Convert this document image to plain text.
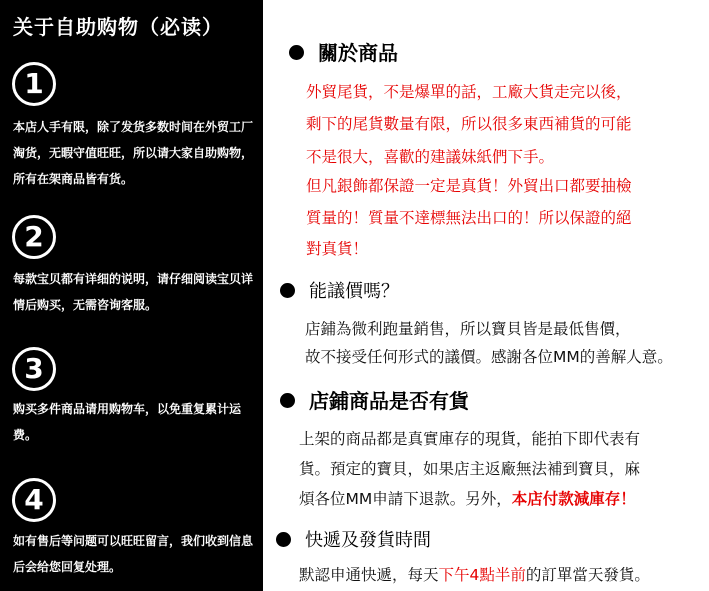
关于自助购物（必读）
1
本店人手有限，除了发货多数时间在外贸工厂淘货，无暇守值旺旺，所以请大家自助购物，所有在架商品皆有货。
2
每款宝贝都有详细的说明，请仔细阅读宝贝详情后购买，无需咨询客服。
3
购买多件商品请用购物车，以免重复累计运费。
4
如有售后等问题可以旺旺留言，我们收到信息后会给您回复处理。
關於商品
外貿尾貨，不是爆單的話，工廠大貨走完以後，
剩下的尾貨數量有限，所以很多東西補貨的可能
不是很大，喜歡的建議妹紙們下手。
但凡銀飾都保證一定是真貨！外貿出口都要抽檢
質量的！質量不達標無法出口的！所以保證的絕
對真貨！
能議價嗎？
店鋪為微利跑量銷售，所以寶貝皆是最低售價，
故不接受任何形式的議價。感謝各位MM的善解人意。
店鋪商品是否有貨
上架的商品都是真實庫存的現貨，能拍下即代表有
貨。預定的寶貝，如果店主返廠無法補到寶貝，麻
煩各位MM申請下退款。另外，本店付款減庫存！
快遞及發貨時間
默認申通快遞，每天下午4點半前的訂單當天發貨。
